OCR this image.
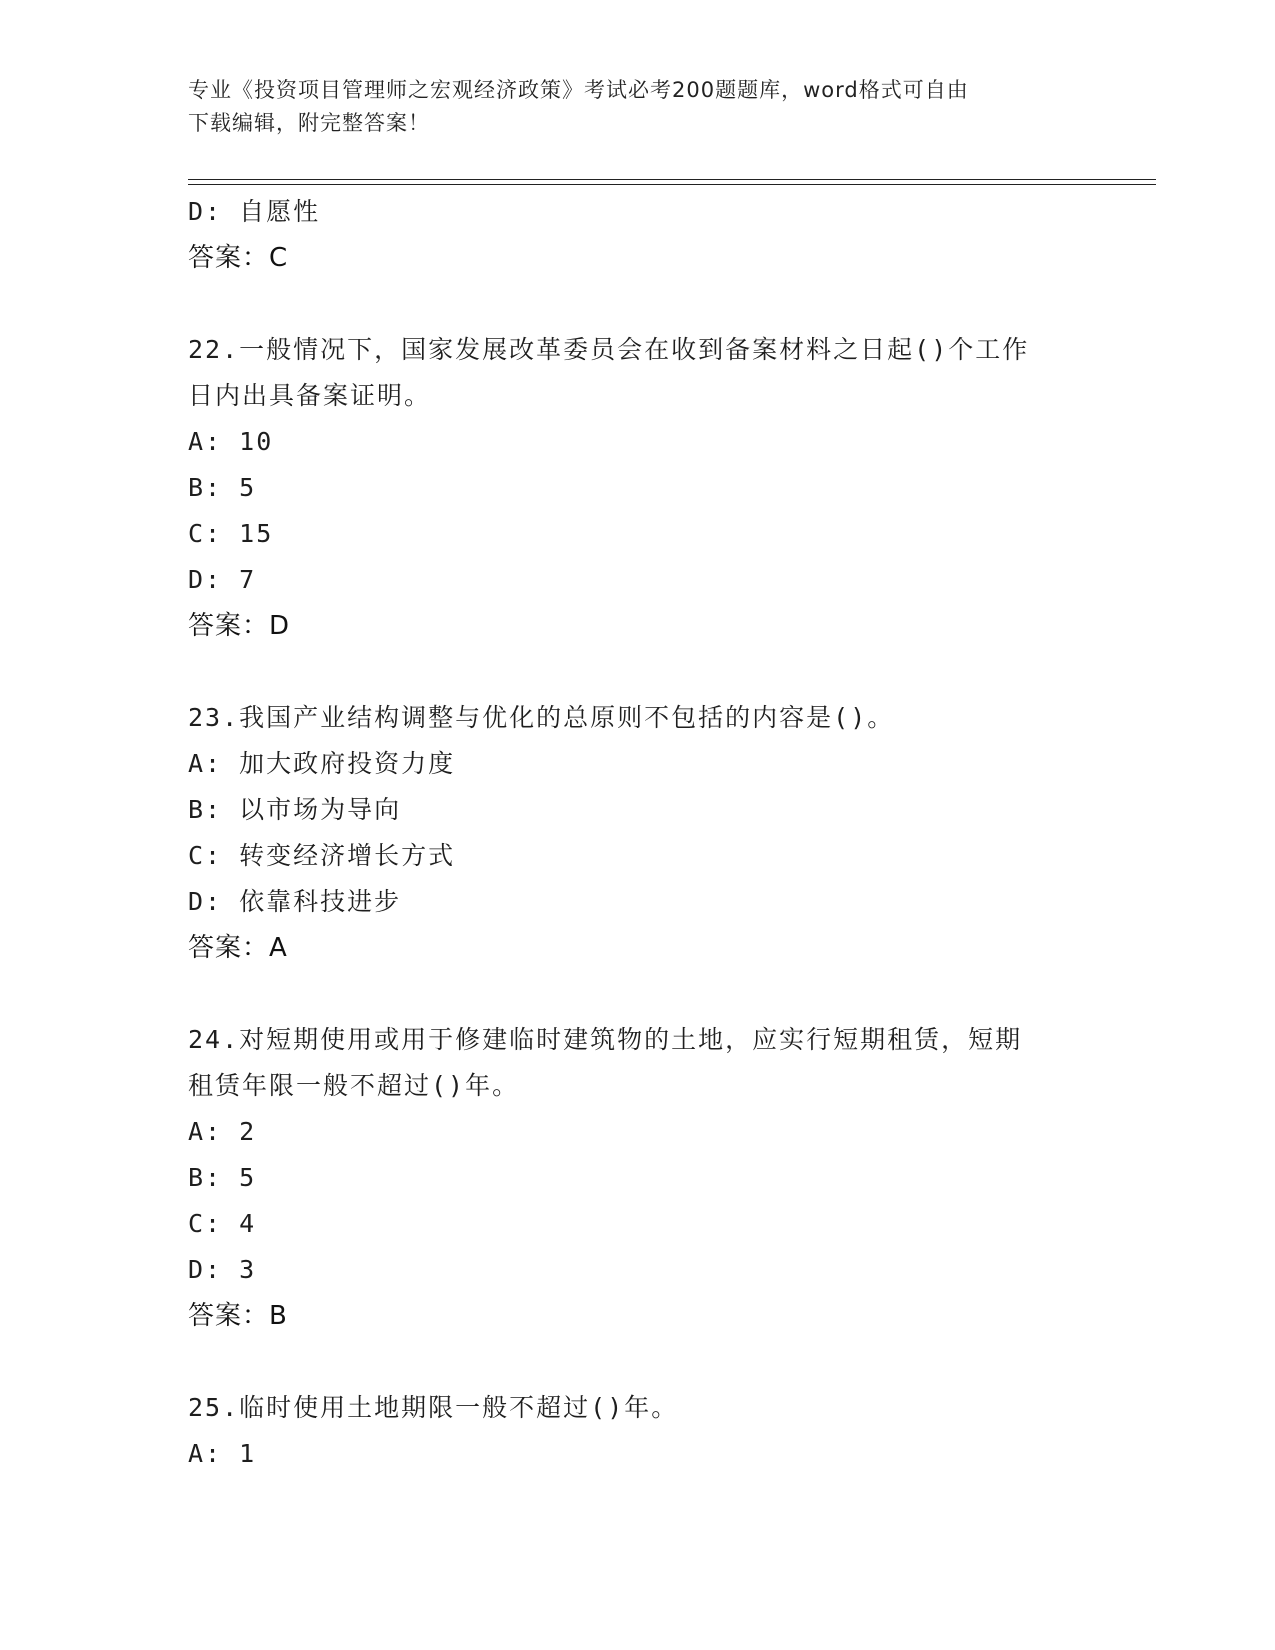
专业《投资项目管理师之宏观经济政策》考试必考200题题库，word格式可自由
下载编辑，附完整答案！
D: 自愿性
答案：C
22.一般情况下，国家发展改革委员会在收到备案材料之日起()个工作
日内出具备案证明。
A: 10
B: 5
C: 15
D: 7
答案：D
23.我国产业结构调整与优化的总原则不包括的内容是()。
A: 加大政府投资力度
B: 以市场为导向
C: 转变经济增长方式
D: 依靠科技进步
答案：A
24.对短期使用或用于修建临时建筑物的土地，应实行短期租赁，短期
租赁年限一般不超过()年。
A: 2
B: 5
C: 4
D: 3
答案：B
25.临时使用土地期限一般不超过()年。
A: 1
